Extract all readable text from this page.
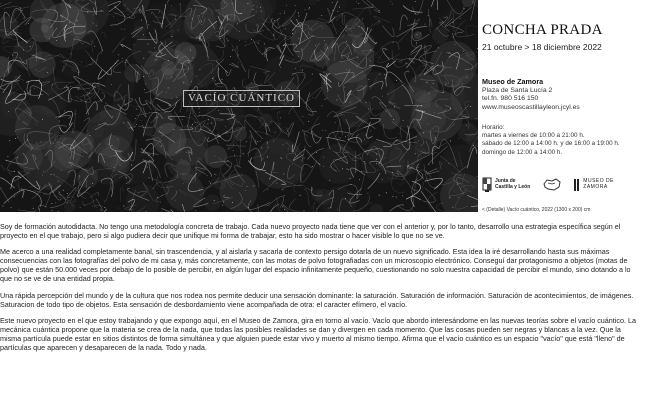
VACÍO CUÁNTICO
CONCHA PRADA
21 octubre > 18 diciembre 2022
Museo de Zamora
Plaza de Santa Lucía 2
tel.fn. 980 516 150
www.museoscastillayleon.jcyl.es
Horario:
martes a viernes de 10:00 a 21:00 h.
sábado de 12:00 a 14:00 h. y de 16:00 a 19:00 h.
domingo de 12:00 a 14:00 h.
Junta de
Castilla y León
MUSEO DE
ZAMORA
< (Detalle) Vacío cuántico, 2022 (1300 x 200) cm

Soy de formación autodidacta. No tengo una metodología concreta de trabajo. Cada nuevo proyecto nada tiene que ver con el anterior y, por lo tanto, desarrollo una estrategia específica según el proyecto en el que trabajo, pero si algo pudiera decir que unifique mi forma de trabajar, esto ha sido mostrar o hacer visible lo que no se ve.

Me acerco a una realidad completamente banal, sin trascendencia, y al aislarla y sacarla de contexto persigo dotarla de un nuevo significado. Esta idea la iré desarrollando hasta sus máximas consecuencias con las fotografías del polvo de mi casa y, más concretamente, con las motas de polvo fotografiadas con un microscopio electrónico. Conseguí dar protagonismo a objetos (motas de polvo) que están 50.000 veces por debajo de lo posible de percibir, en algún lugar del espacio infinitamente pequeño, cuestionando no solo nuestra capacidad de percibir el mundo, sino dotando a lo que no se ve de una entidad propia.

Una rápida percepción del mundo y de la cultura que nos rodea nos permite deducir una sensación dominante: la saturación. Saturación de información. Saturación de acontecimientos, de imágenes. Saturacion de todo tipo de objetos. Esta sensación de desbordamiento viene acompañada de otra: el caracter efímero, el vacío.

Este nuevo proyecto en el que estoy trabajando y que expongo aquí, en el Museo de Zamora, gira en torno al vacío. Vacío que abordo interesándome en las nuevas teorías sobre el vacío cuántico. La mecánica cuántica propone que la materia se crea de la nada, que todas las posibles realidades se dan y divergen en cada momento. Que las cosas pueden ser negras y blancas a la vez. Que la misma partícula puede estar en sitios distintos de forma simultánea y que alguien puede estar vivo y muerto al mismo tiempo. Afirma que el vacío cuántico es un espacio "vacío" que está "lleno" de partículas que aparecen y desaparecen de la nada. Todo y nada.
